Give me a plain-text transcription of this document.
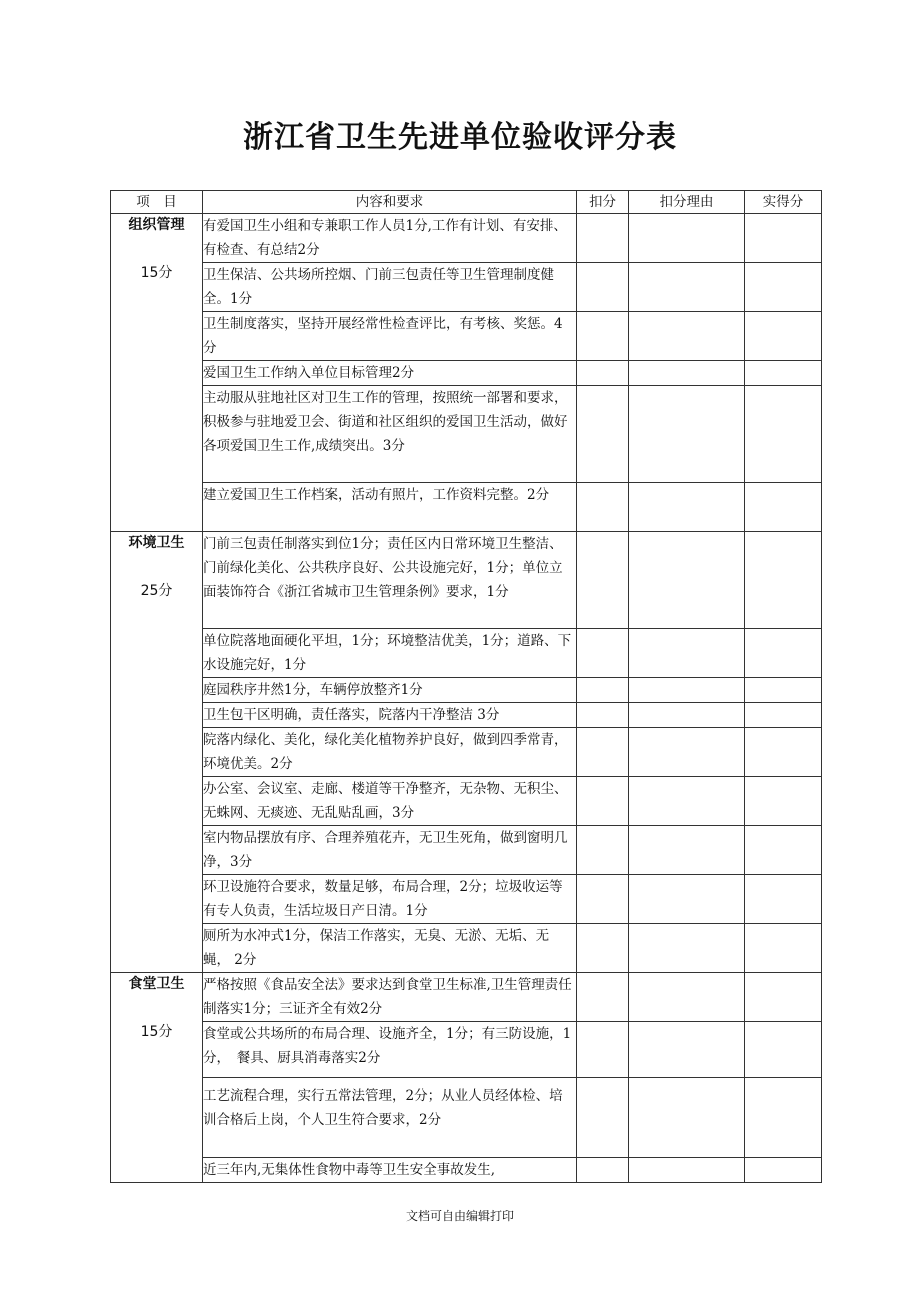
浙江省卫生先进单位验收评分表
项　目	内容和要求	扣分	扣分理由	实得分

组织管理
15分	有爱国卫生小组和专兼职工作人员1分,工作有计划、有安排、有检查、有总结2分			
	卫生保洁、公共场所控烟、门前三包责任等卫生管理制度健全。1分			
	卫生制度落实，坚持开展经常性检查评比，有考核、奖惩。4分			
	爱国卫生工作纳入单位目标管理2分			
	主动服从驻地社区对卫生工作的管理，按照统一部署和要求，积极参与驻地爱卫会、街道和社区组织的爱国卫生活动，做好各项爱国卫生工作,成绩突出。3分			
	建立爱国卫生工作档案，活动有照片，工作资料完整。2分			

环境卫生
25分	门前三包责任制落实到位1分；责任区内日常环境卫生整洁、门前绿化美化、公共秩序良好、公共设施完好，1分；单位立面装饰符合《浙江省城市卫生管理条例》要求，1分			
	单位院落地面硬化平坦，1分；环境整洁优美，1分；道路、下水设施完好，1分			
	庭园秩序井然1分，车辆停放整齐1分			
	卫生包干区明确，责任落实，院落内干净整洁 3分			
	院落内绿化、美化，绿化美化植物养护良好，做到四季常青，环境优美。2分			
	办公室、会议室、走廊、楼道等干净整齐，无杂物、无积尘、无蛛网、无痰迹、无乱贴乱画，3分			
	室内物品摆放有序、合理养殖花卉，无卫生死角，做到窗明几净，3分			
	环卫设施符合要求，数量足够，布局合理，2分；垃圾收运等有专人负责，生活垃圾日产日清。1分			
	厕所为水冲式1分，保洁工作落实，无臭、无淤、无垢、无蝇， 2分			

食堂卫生
15分	严格按照《食品安全法》要求达到食堂卫生标准,卫生管理责任制落实1分；三证齐全有效2分			
	食堂或公共场所的布局合理、设施齐全，1分；有三防设施，1分，　餐具、厨具消毒落实2分			
	工艺流程合理，实行五常法管理，2分；从业人员经体检、培训合格后上岗，个人卫生符合要求，2分			
	近三年内,无集体性食物中毒等卫生安全事故发生,			
文档可自由编辑打印
